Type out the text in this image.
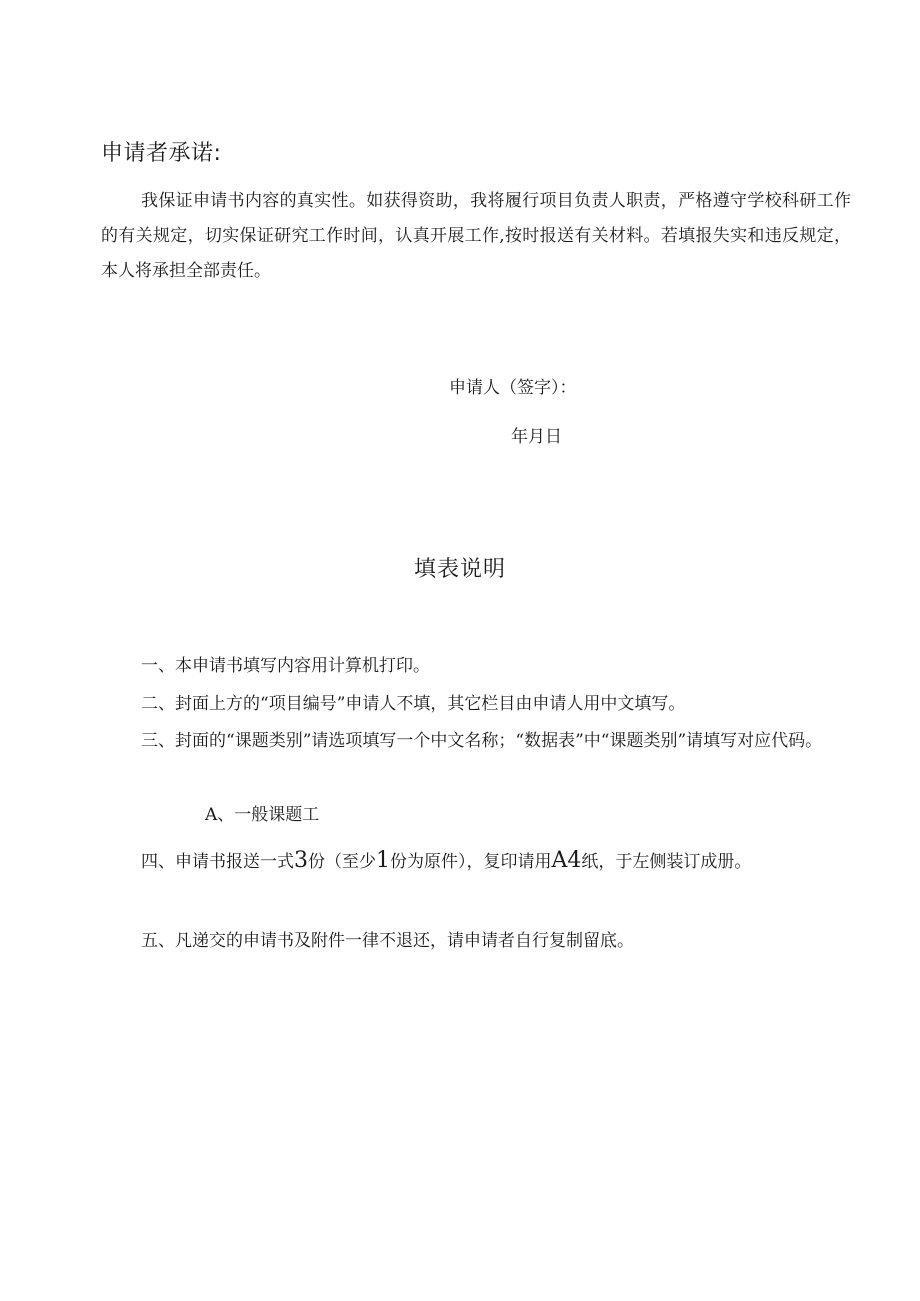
申请者承诺:

我保证申请书内容的真实性。如获得资助，我将履行项目负责人职责，严格遵守学校科研工作的有关规定，切实保证研究工作时间，认真开展工作,按时报送有关材料。若填报失实和违反规定，本人将承担全部责任。

申请人（签字）：
年月日
填表说明

一、本申请书填写内容用计算机打印。

二、封面上方的“项目编号”申请人不填，其它栏目由申请人用中文填写。

三、封面的“课题类别”请选项填写一个中文名称；“数据表”中“课题类别”请填写对应代码。

A、一般课题工

四、申请书报送一式3份（至少1份为原件），复印请用A4纸，于左侧装订成册。

五、凡递交的申请书及附件一律不退还，请申请者自行复制留底。
